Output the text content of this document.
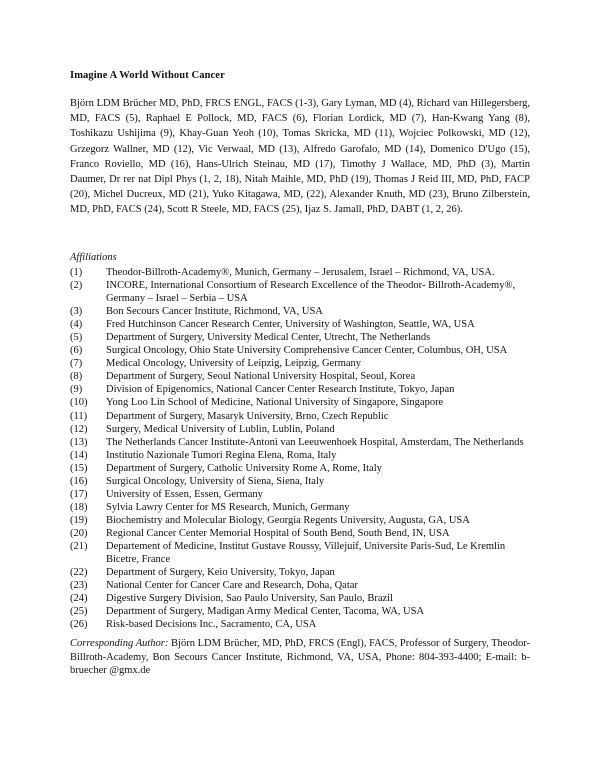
Imagine A World Without Cancer
Björn LDM Brücher MD, PhD, FRCS ENGL, FACS (1-3), Gary Lyman, MD (4), Richard van Hillegersberg, MD, FACS (5), Raphael E Pollock, MD, FACS (6), Florian Lordick, MD (7), Han-Kwang Yang (8), Toshikazu Ushijima (9), Khay-Guan Yeoh (10), Tomas Skricka, MD (11), Wojciec Polkowski, MD (12), Grzegorz Wallner, MD (12), Vic Verwaal, MD (13), Alfredo Garofalo, MD (14), Domenico D'Ugo (15), Franco Roviello, MD (16), Hans-Ulrich Steinau, MD (17), Timothy J Wallace, MD, PhD (3), Martin Daumer, Dr rer nat Dipl Phys (1, 2, 18), Nitah Maihle, MD, PhD (19), Thomas J Reid III, MD, PhD, FACP (20), Michel Ducreux, MD (21), Yuko Kitagawa, MD, (22), Alexander Knuth, MD (23), Bruno Zilberstein, MD, PhD, FACS (24), Scott R Steele, MD, FACS (25), Ijaz S. Jamall, PhD, DABT (1, 2, 26).
Affiliations
(1)	Theodor-Billroth-Academy®, Munich, Germany – Jerusalem, Israel – Richmond, VA, USA.
(2)	INCORE, International Consortium of Research Excellence of the Theodor- Billroth-Academy®, Germany – Israel – Serbia – USA
(3)	Bon Secours Cancer Institute, Richmond, VA, USA
(4)	Fred Hutchinson Cancer Research Center, University of Washington, Seattle, WA, USA
(5)	Department of Surgery, University Medical Center, Utrecht, The Netherlands
(6)	Surgical Oncology, Ohio State University Comprehensive Cancer Center, Columbus, OH, USA
(7)	Medical Oncology, University of Leipzig, Leipzig, Germany
(8)	Department of Surgery, Seoul National University Hospital, Seoul, Korea
(9)	Division of Epigenomics, National Cancer Center Research Institute, Tokyo, Japan
(10)	Yong Loo Lin School of Medicine, National University of Singapore, Singapore
(11)	Department of Surgery, Masaryk University, Brno, Czech Republic
(12)	Surgery, Medical University of Lublin, Lublin, Poland
(13)	The Netherlands Cancer Institute-Antoni van Leeuwenhoek Hospital, Amsterdam, The Netherlands
(14)	Institutio Nazionale Tumori Regina Elena, Roma, Italy
(15)	Department of Surgery, Catholic University Rome A, Rome, Italy
(16)	Surgical Oncology, University of Siena, Siena, Italy
(17)	University of Essen, Essen, Germany
(18)	Sylvia Lawry Center for MS Research, Munich, Germany
(19)	Biochemistry and Molecular Biology, Georgia Regents University, Augusta, GA, USA
(20)	Regional Cancer Center Memorial Hospital of South Bend, South Bend, IN, USA
(21)	Departement of Medicine, Institut Gustave Roussy, Villejuif, Universite Paris-Sud, Le Kremlin Bicetre, France
(22)	Department of Surgery, Keio University, Tokyo, Japan
(23)	National Center for Cancer Care and Research, Doha, Qatar
(24)	Digestive Surgery Division, Sao Paulo University, San Paulo, Brazil
(25)	Department of Surgery, Madigan Army Medical Center, Tacoma, WA, USA
(26)	Risk-based Decisions Inc., Sacramento, CA, USA
Corresponding Author: Björn LDM Brücher, MD, PhD, FRCS (Engl), FACS, Professor of Surgery, Theodor-Billroth-Academy, Bon Secours Cancer Institute, Richmond, VA, USA, Phone: 804-393-4400; E-mail: b-bruecher @gmx.de
